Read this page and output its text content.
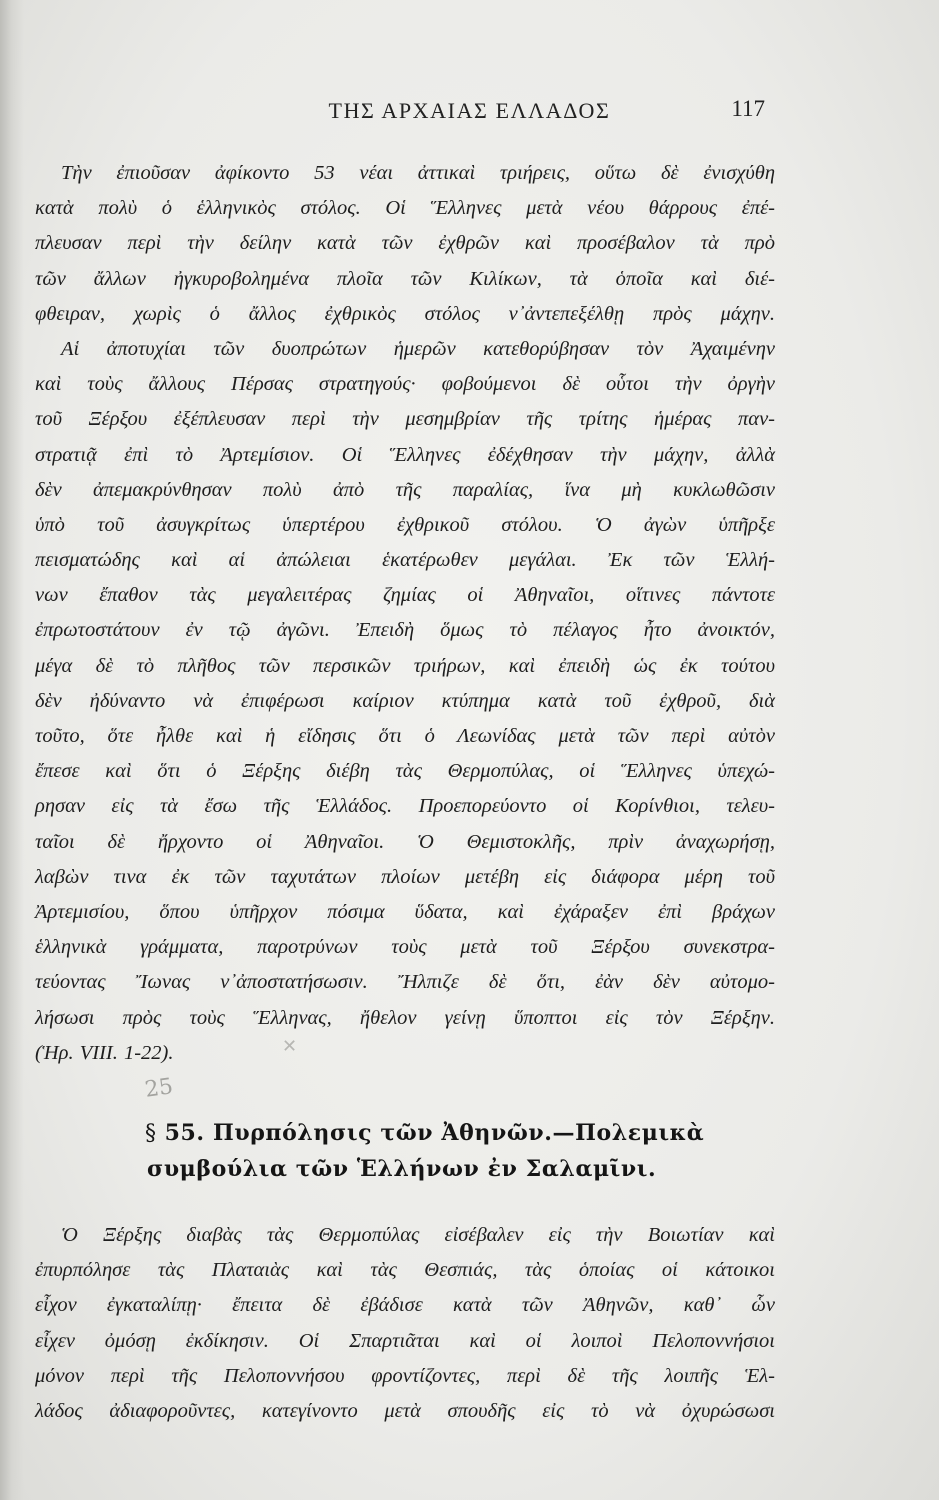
ΤΗΣ ΑΡΧΑΙΑΣ ΕΛΛΑΔΟΣ	117
Τὴν ἐπιοῦσαν ἀφίκοντο 53 νέαι ἀττικαὶ τριήρεις, οὕτω δὲ ἐνισχύθη
κατὰ πολὺ ὁ ἑλληνικὸς στόλος. Οἱ Ἕλληνες μετὰ νέου θάρρους ἐπέ-
πλευσαν περὶ τὴν δείλην κατὰ τῶν ἐχθρῶν καὶ προσέβαλον τὰ πρὸ
τῶν ἄλλων ἠγκυροβολημένα πλοῖα τῶν Κιλίκων, τὰ ὁποῖα καὶ διέ-
φθειραν, χωρὶς ὁ ἄλλος ἐχθρικὸς στόλος ν᾽ἀντεπεξέλθῃ πρὸς μάχην.
Αἱ ἀποτυχίαι τῶν δυοπρώτων ἡμερῶν κατεθορύβησαν τὸν Ἀχαιμένην
καὶ τοὺς ἄλλους Πέρσας στρατηγούς· φοβούμενοι δὲ οὗτοι τὴν ὀργὴν
τοῦ Ξέρξου ἐξέπλευσαν περὶ τὴν μεσημβρίαν τῆς τρίτης ἡμέρας παν-
στρατιᾷ ἐπὶ τὸ Ἀρτεμίσιον. Οἱ Ἕλληνες ἐδέχθησαν τὴν μάχην, ἀλλὰ
δὲν ἀπεμακρύνθησαν πολὺ ἀπὸ τῆς παραλίας, ἵνα μὴ κυκλωθῶσιν
ὑπὸ τοῦ ἀσυγκρίτως ὑπερτέρου ἐχθρικοῦ στόλου. Ὁ ἀγὼν ὑπῆρξε
πεισματώδης καὶ αἱ ἀπώλειαι ἑκατέρωθεν μεγάλαι. Ἐκ τῶν Ἑλλή-
νων ἔπαθον τὰς μεγαλειτέρας ζημίας οἱ Ἀθηναῖοι, οἵτινες πάντοτε
ἐπρωτοστάτουν ἐν τῷ ἀγῶνι. Ἐπειδὴ ὅμως τὸ πέλαγος ἦτο ἀνοικτόν,
μέγα δὲ τὸ πλῆθος τῶν περσικῶν τριήρων, καὶ ἐπειδὴ ὡς ἐκ τούτου
δὲν ἠδύναντο νὰ ἐπιφέρωσι καίριον κτύπημα κατὰ τοῦ ἐχθροῦ, διὰ
τοῦτο, ὅτε ἦλθε καὶ ἡ εἴδησις ὅτι ὁ Λεωνίδας μετὰ τῶν περὶ αὐτὸν
ἔπεσε καὶ ὅτι ὁ Ξέρξης διέβη τὰς Θερμοπύλας, οἱ Ἕλληνες ὑπεχώ-
ρησαν εἰς τὰ ἔσω τῆς Ἑλλάδος. Προεπορεύοντο οἱ Κορίνθιοι, τελευ-
ταῖοι δὲ ἤρχοντο οἱ Ἀθηναῖοι. Ὁ Θεμιστοκλῆς, πρὶν ἀναχωρήσῃ,
λαβὼν τινα ἐκ τῶν ταχυτάτων πλοίων μετέβη εἰς διάφορα μέρη τοῦ
Ἀρτεμισίου, ὅπου ὑπῆρχον πόσιμα ὕδατα, καὶ ἐχάραξεν ἐπὶ βράχων
ἑλληνικὰ γράμματα, παροτρύνων τοὺς μετὰ τοῦ Ξέρξου συνεκστρα-
τεύοντας Ἴωνας ν᾽ἀποστατήσωσιν. Ἤλπιζε δὲ ὅτι, ἐὰν δὲν αὐτομο-
λήσωσι πρὸς τοὺς Ἕλληνας, ἤθελον γείνῃ ὕποπτοι εἰς τὸν Ξέρξην.
(Ἡρ. VIII. 1-22).	✕
25
§ 55. Πυρπόλησις τῶν Ἀθηνῶν.—Πολεμικὰ
συμβούλια τῶν Ἑλλήνων ἐν Σαλαμῖνι.
Ὁ Ξέρξης διαβὰς τὰς Θερμοπύλας εἰσέβαλεν εἰς τὴν Βοιωτίαν καὶ
ἐπυρπόλησε τὰς Πλαταιὰς καὶ τὰς Θεσπιάς, τὰς ὁποίας οἱ κάτοικοι
εἶχον ἐγκαταλίπῃ· ἔπειτα δὲ ἐβάδισε κατὰ τῶν Ἀθηνῶν, καθ᾽ ὧν
εἶχεν ὀμόσῃ ἐκδίκησιν. Οἱ Σπαρτιᾶται καὶ οἱ λοιποὶ Πελοποννήσιοι
μόνον περὶ τῆς Πελοποννήσου φροντίζοντες, περὶ δὲ τῆς λοιπῆς Ἑλ-
λάδος ἀδιαφοροῦντες, κατεγίνοντο μετὰ σπουδῆς εἰς τὸ νὰ ὀχυρώσωσι
